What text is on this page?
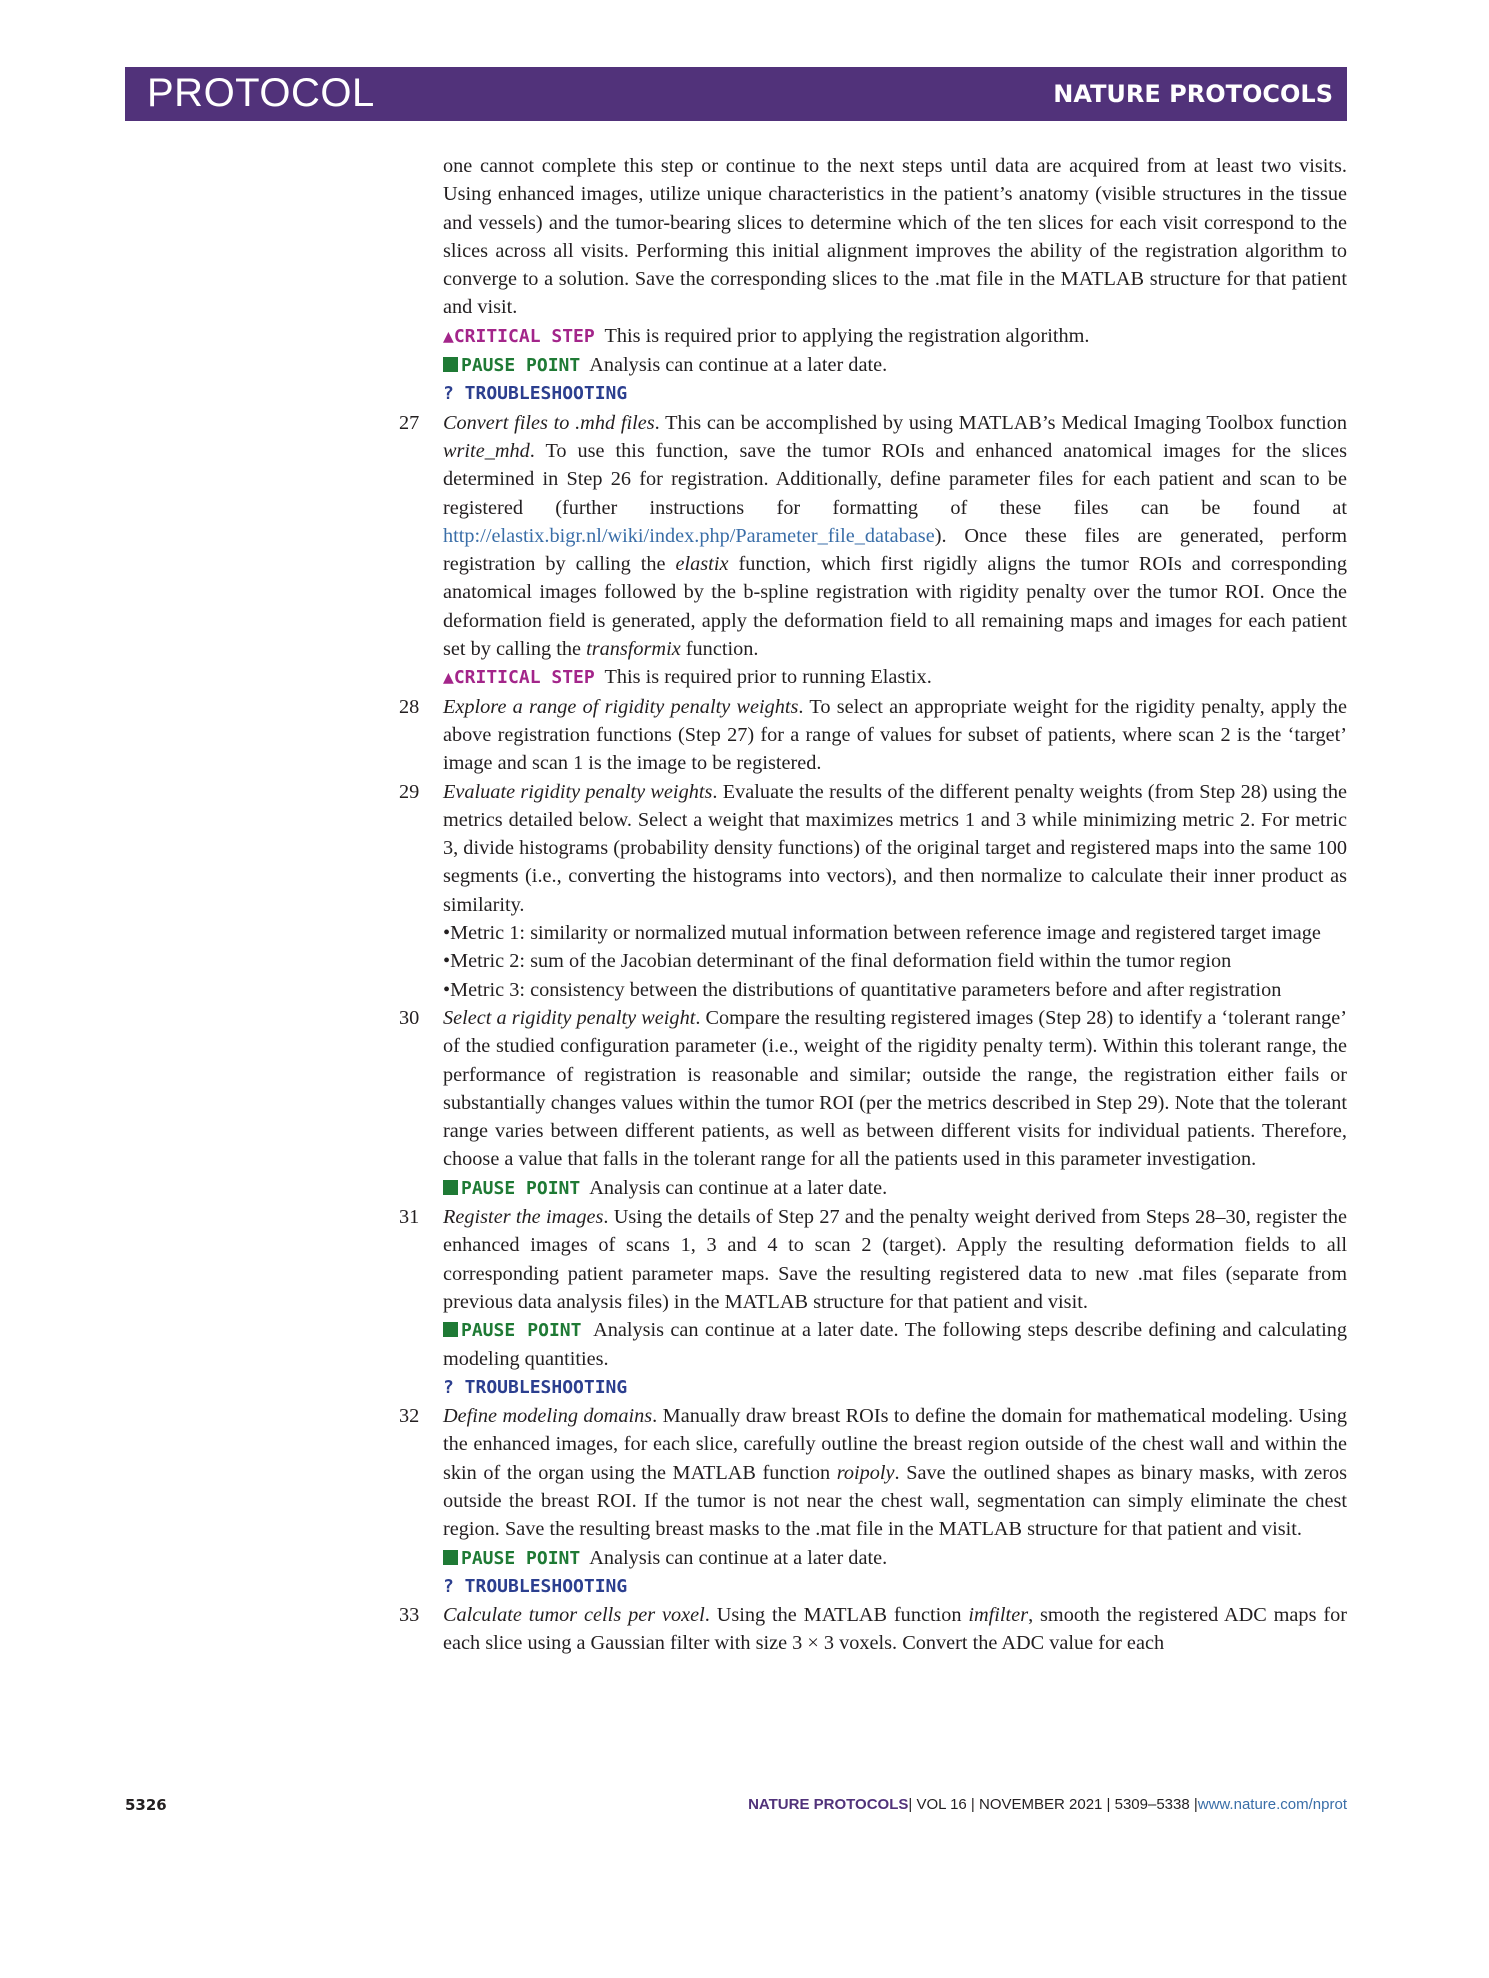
PROTOCOL	NATURE PROTOCOLS

one cannot complete this step or continue to the next steps until data are acquired from at least two visits. Using enhanced images, utilize unique characteristics in the patient’s anatomy (visible structures in the tissue and vessels) and the tumor-bearing slices to determine which of the ten slices for each visit correspond to the slices across all visits. Performing this initial alignment improves the ability of the registration algorithm to converge to a solution. Save the corresponding slices to the .mat file in the MATLAB structure for that patient and visit.

▲CRITICAL STEP This is required prior to applying the registration algorithm.

PAUSE POINT Analysis can continue at a later date.

? TROUBLESHOOTING

27 Convert files to .mhd files. This can be accomplished by using MATLAB’s Medical Imaging Toolbox function write_mhd. To use this function, save the tumor ROIs and enhanced anatomical images for the slices determined in Step 26 for registration. Additionally, define parameter files for each patient and scan to be registered (further instructions for formatting of these files can be found at http://elastix.bigr.nl/wiki/index.php/Parameter_file_database). Once these files are generated, perform registration by calling the elastix function, which first rigidly aligns the tumor ROIs and corresponding anatomical images followed by the b-spline registration with rigidity penalty over the tumor ROI. Once the deformation field is generated, apply the deformation field to all remaining maps and images for each patient set by calling the transformix function.

▲CRITICAL STEP This is required prior to running Elastix.

28 Explore a range of rigidity penalty weights. To select an appropriate weight for the rigidity penalty, apply the above registration functions (Step 27) for a range of values for subset of patients, where scan 2 is the ‘target’ image and scan 1 is the image to be registered.

29 Evaluate rigidity penalty weights. Evaluate the results of the different penalty weights (from Step 28) using the metrics detailed below. Select a weight that maximizes metrics 1 and 3 while minimizing metric 2. For metric 3, divide histograms (probability density functions) of the original target and registered maps into the same 100 segments (i.e., converting the histograms into vectors), and then normalize to calculate their inner product as similarity.

•Metric 1: similarity or normalized mutual information between reference image and registered target image

•Metric 2: sum of the Jacobian determinant of the final deformation field within the tumor region

•Metric 3: consistency between the distributions of quantitative parameters before and after registration

30 Select a rigidity penalty weight. Compare the resulting registered images (Step 28) to identify a ‘tolerant range’ of the studied configuration parameter (i.e., weight of the rigidity penalty term). Within this tolerant range, the performance of registration is reasonable and similar; outside the range, the registration either fails or substantially changes values within the tumor ROI (per the metrics described in Step 29). Note that the tolerant range varies between different patients, as well as between different visits for individual patients. Therefore, choose a value that falls in the tolerant range for all the patients used in this parameter investigation.

PAUSE POINT Analysis can continue at a later date.

31 Register the images. Using the details of Step 27 and the penalty weight derived from Steps 28–30, register the enhanced images of scans 1, 3 and 4 to scan 2 (target). Apply the resulting deformation fields to all corresponding patient parameter maps. Save the resulting registered data to new .mat files (separate from previous data analysis files) in the MATLAB structure for that patient and visit.

PAUSE POINT Analysis can continue at a later date. The following steps describe defining and calculating modeling quantities.

? TROUBLESHOOTING

32 Define modeling domains. Manually draw breast ROIs to define the domain for mathematical modeling. Using the enhanced images, for each slice, carefully outline the breast region outside of the chest wall and within the skin of the organ using the MATLAB function roipoly. Save the outlined shapes as binary masks, with zeros outside the breast ROI. If the tumor is not near the chest wall, segmentation can simply eliminate the chest region. Save the resulting breast masks to the .mat file in the MATLAB structure for that patient and visit.

PAUSE POINT Analysis can continue at a later date.

? TROUBLESHOOTING

33 Calculate tumor cells per voxel. Using the MATLAB function imfilter, smooth the registered ADC maps for each slice using a Gaussian filter with size 3 × 3 voxels. Convert the ADC value for each

5326	NATURE PROTOCOLS| VOL 16 | NOVEMBER 2021 | 5309–5338 |www.nature.com/nprot
